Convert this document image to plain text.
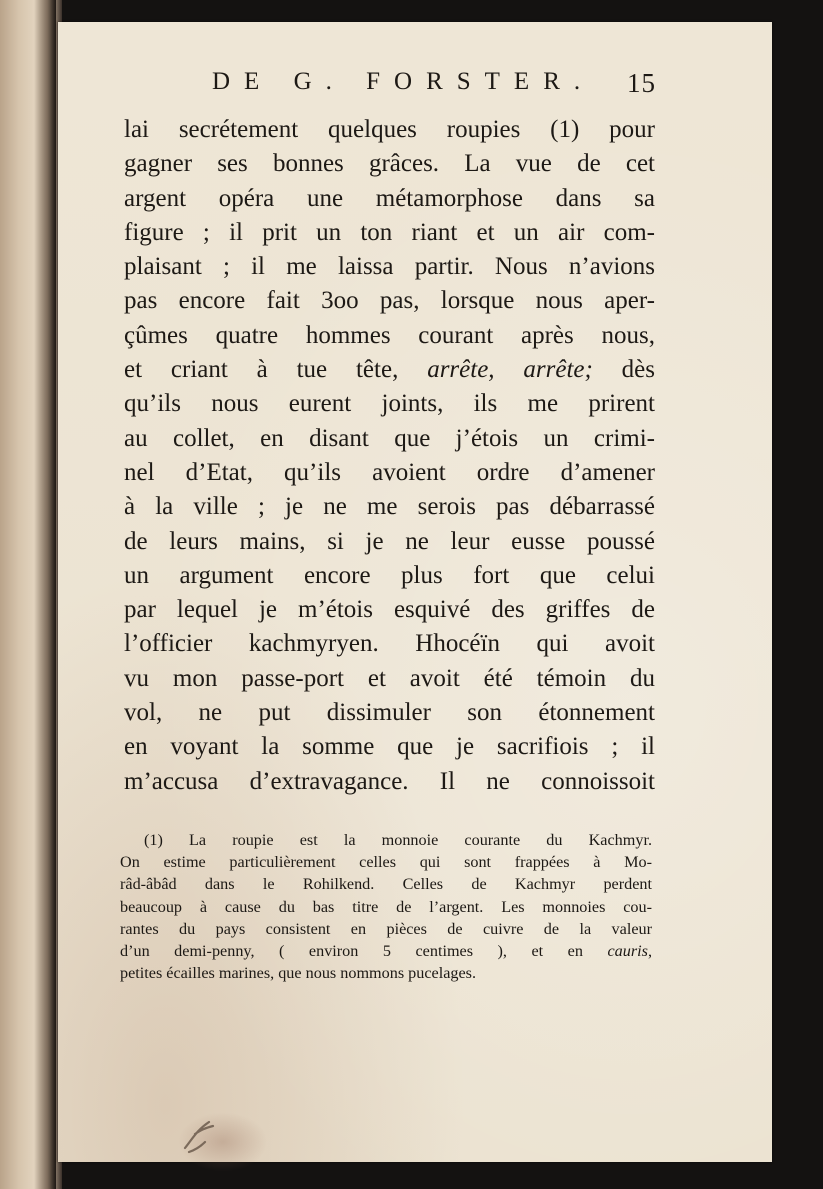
DE G. FORSTER. 15
lai secrétement quelques roupies (1) pour
gagner ses bonnes grâces. La vue de cet
argent opéra une métamorphose dans sa
figure ; il prit un ton riant et un air com-
plaisant ; il me laissa partir. Nous n’avions
pas encore fait 3oo pas, lorsque nous aper-
çûmes quatre hommes courant après nous,
et criant à tue tête, arrête, arrête; dès
qu’ils nous eurent joints, ils me prirent
au collet, en disant que j’étois un crimi-
nel d’Etat, qu’ils avoient ordre d’amener
à la ville ; je ne me serois pas débarrassé
de leurs mains, si je ne leur eusse poussé
un argument encore plus fort que celui
par lequel je m’étois esquivé des griffes de
l’officier kachmyryen. Hhocéïn qui avoit
vu mon passe-port et avoit été témoin du
vol, ne put dissimuler son étonnement
en voyant la somme que je sacrifiois ; il
m’accusa d’extravagance. Il ne connoissoit
(1) La roupie est la monnoie courante du Kachmyr.
On estime particulièrement celles qui sont frappées à Mo-
râd-âbâd dans le Rohilkend. Celles de Kachmyr perdent
beaucoup à cause du bas titre de l’argent. Les monnoies cou-
rantes du pays consistent en pièces de cuivre de la valeur
d’un demi-penny, ( environ 5 centimes ), et en cauris,
petites écailles marines, que nous nommons pucelages.
